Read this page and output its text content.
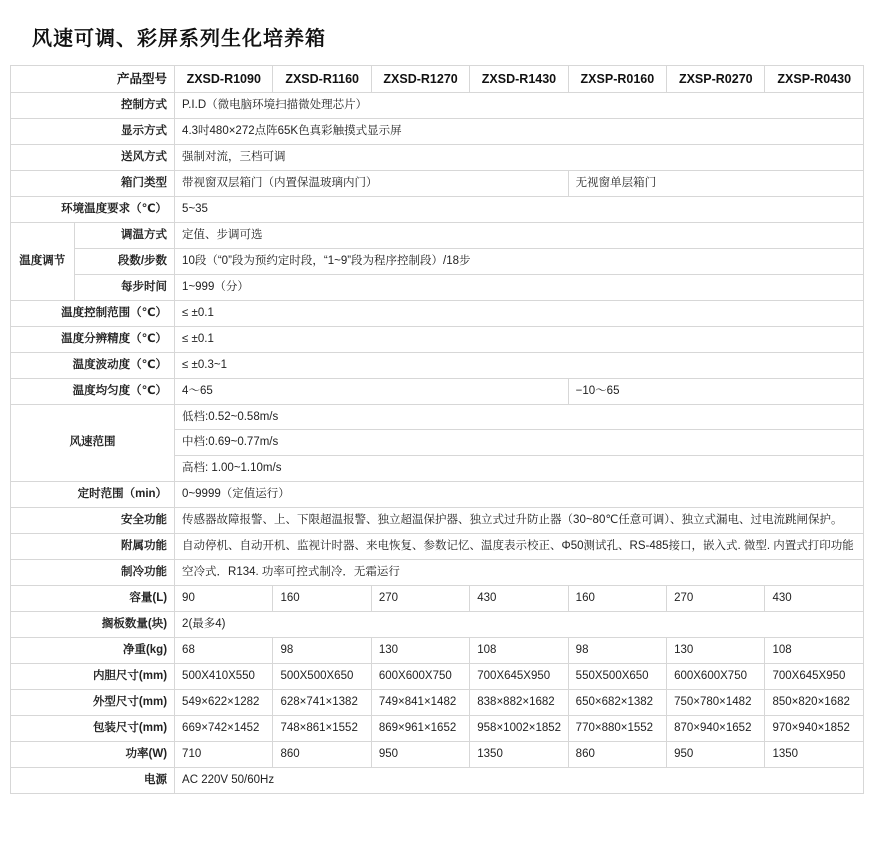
风速可调、彩屏系列生化培养箱
产品型号		ZXSD-R1090	ZXSD-R1160	ZXSD-R1270	ZXSD-R1430	ZXSP-R0160	ZXSP-R0270	ZXSP-R0430
控制方式		P.I.D（微电脑环境扫描微处理芯片）						
显示方式		4.3吋480×272点阵65K色真彩触摸式显示屏						
送风方式		强制对流，三档可调						
箱门类型		带视窗双层箱门（内置保温玻璃内门）				无视窗单层箱门		
环境温度要求（℃）		5~35						
温度调节	调温方式	定值、步调可选						
	段数/步数	10段（“0”段为预约定时段，“1~9”段为程序控制段）/18步						
	每步时间	1~999（分）						
温度控制范围（℃）		≤ ±0.1						
温度分辨精度（℃）		≤ ±0.1						
温度波动度（℃）		≤ ±0.3~1						
温度均匀度（℃）		4～65				−10～65		
风速范围		低档:0.52~0.58m/s						
		中档:0.69~0.77m/s						
		高档: 1.00~1.10m/s						
定时范围（min）		0~9999（定值运行）						
安全功能		传感器故障报警、上、下限超温报警、独立超温保护器、独立式过升防止器（30~80℃任意可调）、独立式漏电、过电流跳闸保护。						
附属功能		自动停机、自动开机、监视计时器、来电恢复、参数记忆、温度表示校正、Φ50测试孔、RS-485接口，嵌入式. 微型. 内置式打印功能						
制冷功能		空冷式．R134. 功率可控式制冷．无霜运行						
容量(L)		90	160	270	430	160	270	430
搁板数量(块)		2(最多4)						
净重(kg)		68	98	130	108	98	130	108
内胆尺寸(mm)		500X410X550	500X500X650	600X600X750	700X645X950	550X500X650	600X600X750	700X645X950
外型尺寸(mm)		549×622×1282	628×741×1382	749×841×1482	838×882×1682	650×682×1382	750×780×1482	850×820×1682
包装尺寸(mm)		669×742×1452	748×861×1552	869×961×1652	958×1002×1852	770×880×1552	870×940×1652	970×940×1852
功率(W)		710	860	950	1350	860	950	1350
电源		AC 220V 50/60Hz						
